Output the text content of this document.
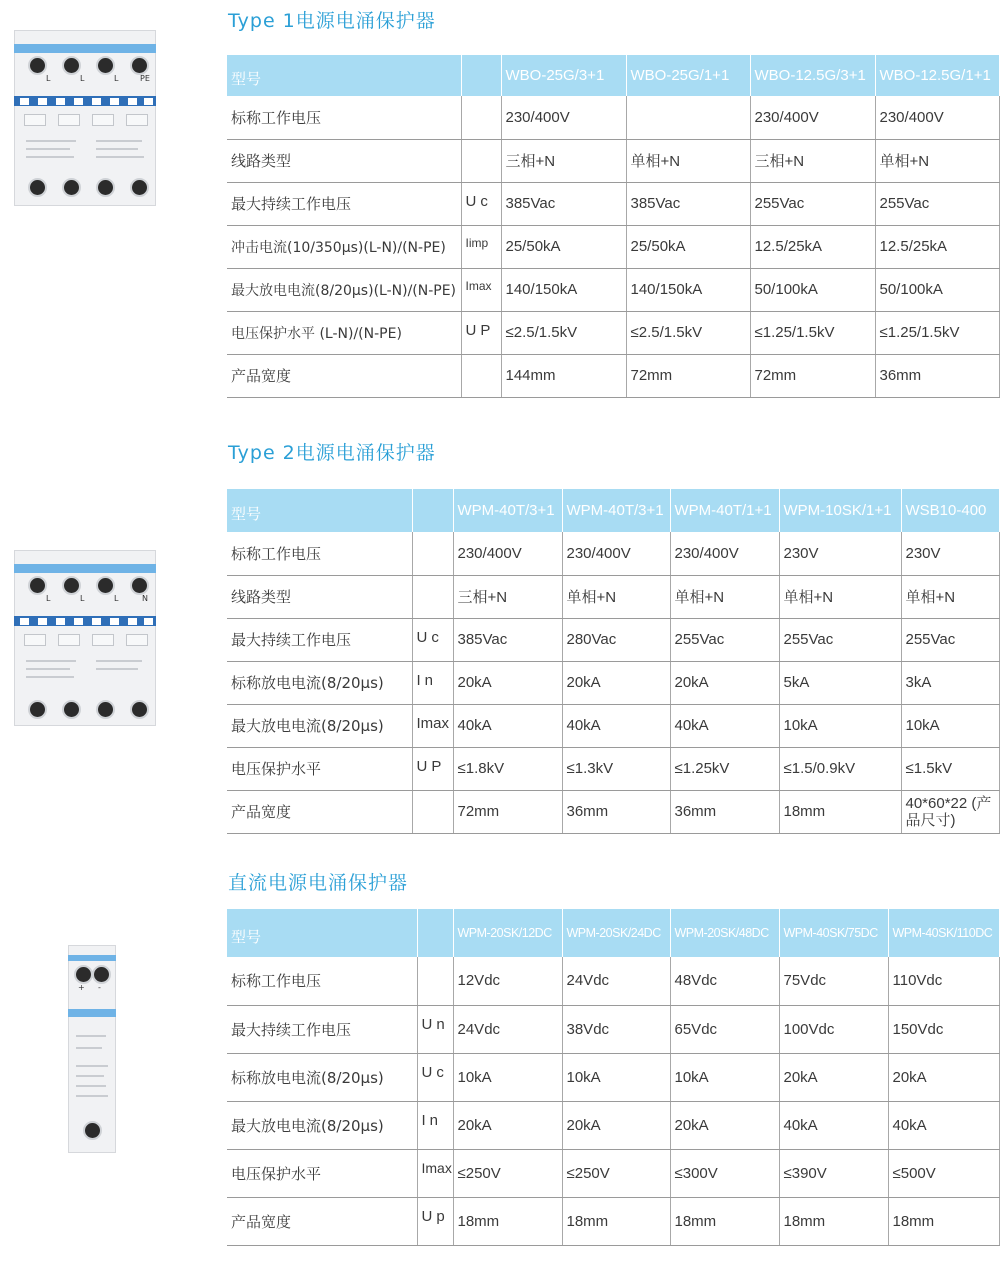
Type 1电源电涌保护器
L	L	L	PE	型号		WBO-25G/3+1	WBO-25G/1+1	WBO-12.5G/3+1	WBO-12.5G/1+1
标称工作电压		230/400V		230/400V	230/400V
线路类型		三相+N	单相+N	三相+N	单相+N
最大持续工作电压	Uc	385Vac	385Vac	255Vac	255Vac
冲击电流(10/350μs)(L-N)/(N-PE)	Iimp	25/50kA	25/50kA	12.5/25kA	12.5/25kA
最大放电电流(8/20μs)(L-N)/(N-PE)	Imax	140/150kA	140/150kA	50/100kA	50/100kA
电压保护水平 (L-N)/(N-PE)	UP	≤2.5/1.5kV	≤2.5/1.5kV	≤1.25/1.5kV	≤1.25/1.5kV
产品宽度		144mm	72mm	72mm	36mm
Type 2电源电涌保护器
L	L	L	N
型号		WPM-40T/3+1	WPM-40T/3+1	WPM-40T/1+1	WPM-10SK/1+1	WSB10-400
标称工作电压		230/400V	230/400V	230/400V	230V	230V
线路类型		三相+N	单相+N	单相+N	单相+N	单相+N
最大持续工作电压	Uc	385Vac	280Vac	255Vac	255Vac	255Vac
标称放电电流(8/20μs)	In	20kA	20kA	20kA	5kA	3kA
最大放电电流(8/20μs)	Imax	40kA	40kA	40kA	10kA	10kA
电压保护水平	UP	≤1.8kV	≤1.3kV	≤1.25kV	≤1.5/0.9kV	≤1.5kV
产品宽度		72mm	36mm	36mm	18mm	40*60*22 (产品尺寸)
直流电源电涌保护器
+ -
型号		WPM-20SK/12DC	WPM-20SK/24DC	WPM-20SK/48DC	WPM-40SK/75DC	WPM-40SK/110DC
标称工作电压		12Vdc	24Vdc	48Vdc	75Vdc	110Vdc
最大持续工作电压	Un	24Vdc	38Vdc	65Vdc	100Vdc	150Vdc
标称放电电流(8/20μs)	Uc	10kA	10kA	10kA	20kA	20kA
最大放电电流(8/20μs)	In	20kA	20kA	20kA	40kA	40kA
电压保护水平	Imax	≤250V	≤250V	≤300V	≤390V	≤500V
产品宽度	Up	18mm	18mm	18mm	18mm	18mm
